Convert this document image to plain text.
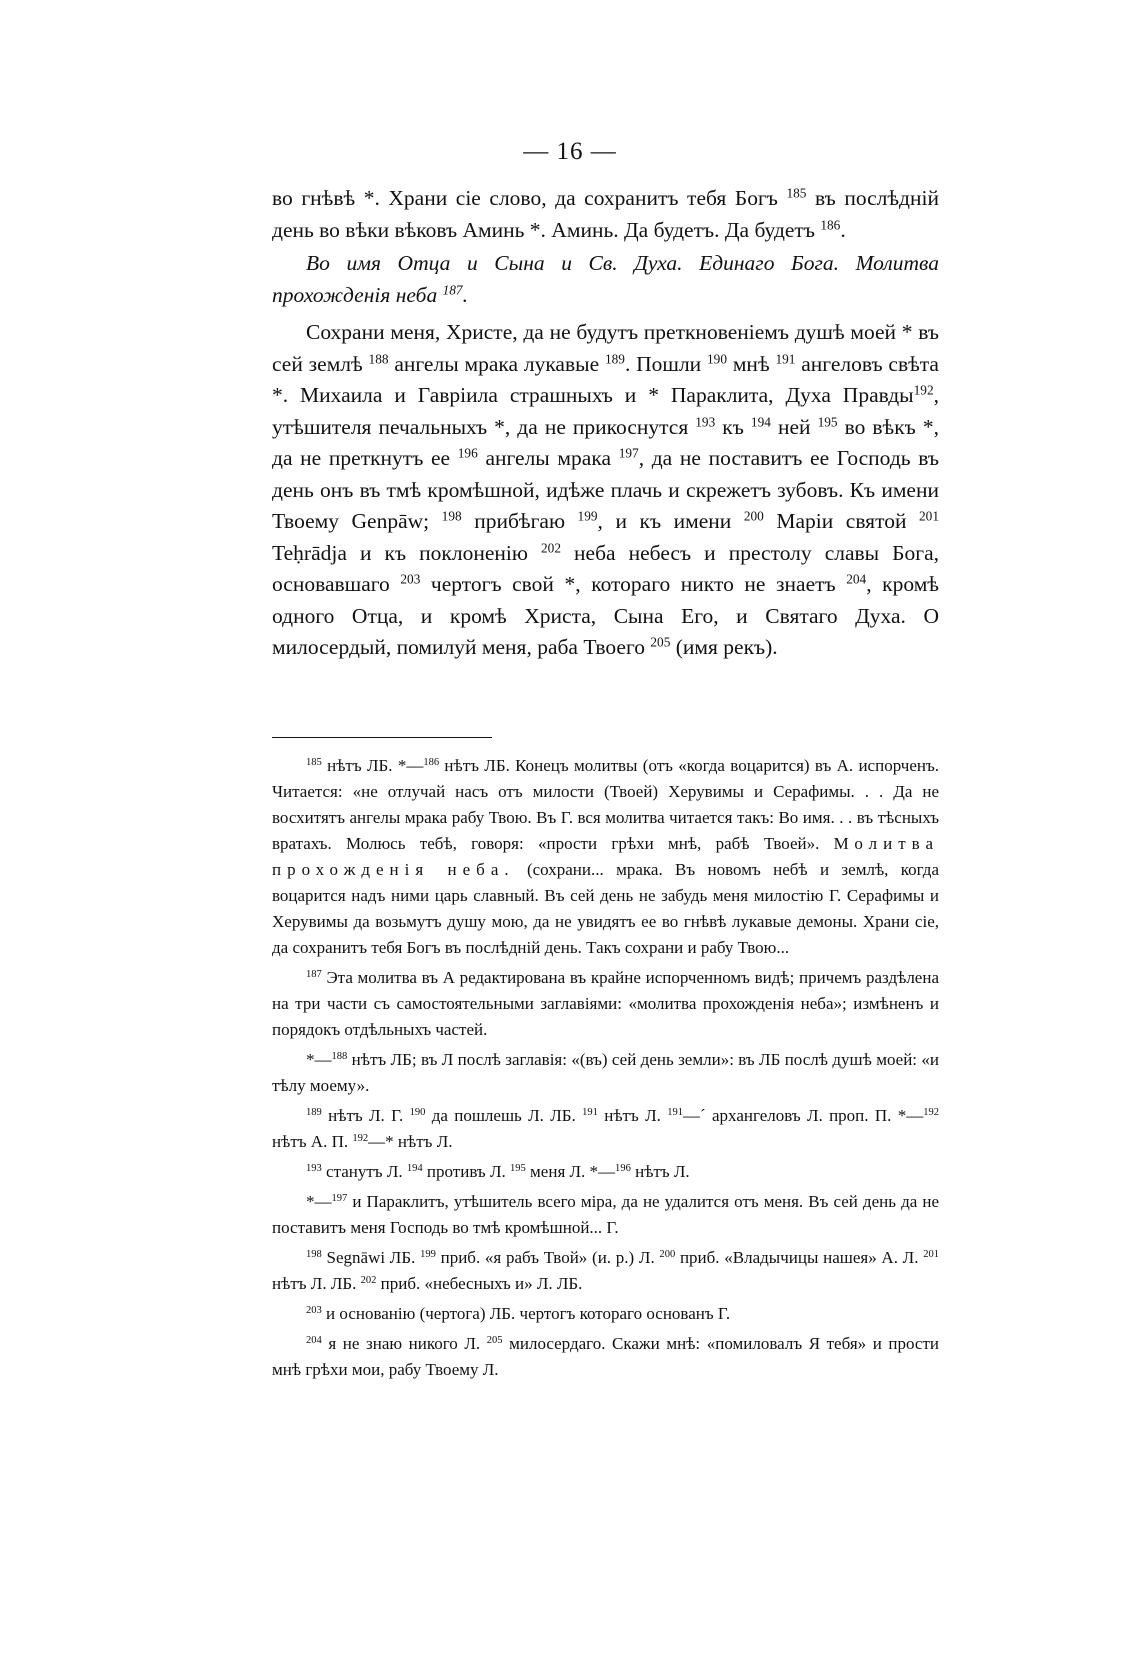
— 16 —

во гнѣвѣ *. Храни сіе слово, да сохранитъ тебя Богъ $^{185}$ въ послѣдній день во вѣки вѣковъ Аминь *. Аминь. Да будетъ. Да будетъ $^{186}$.

Во имя Отца и Сына и Св. Духа. Единаго Бога. Молитва прохожденія неба $^{187}$.

Сохрани меня, Христе, да не будутъ преткновеніемъ душѣ моей * въ сей землѣ $^{188}$ ангелы мрака лукавые $^{189}$. Пошли $^{190}$ мнѣ $^{191}$ ангеловъ свѣта *. Михаила и Гавріила страшныхъ и * Параклита, Духа Правды$^{192}$, утѣшителя печальныхъ *, да не прикоснутся $^{193}$ къ $^{194}$ ней $^{195}$ во вѣкъ *, да не преткнутъ ее $^{196}$ ангелы мрака $^{197}$, да не поставитъ ее Господь въ день онъ въ тмѣ кромѣшной, идѣже плачь и скрежетъ зубовъ. Къ имени Твоему Genpāw; $^{198}$ прибѣгаю $^{199}$, и къ имени $^{200}$ Маріи святой $^{201}$ Teḥrādja и къ поклоненію $^{202}$ неба небесъ и престолу славы Бога, основавшаго $^{203}$ чертогъ свой *, котораго никто не знаетъ $^{204}$, кромѣ одного Отца, и кромѣ Христа, Сына Его, и Святаго Духа. О милосердый, помилуй меня, раба Твоего $^{205}$ (имя рекъ).

$^{185}$ нѣтъ ЛБ. *—$^{186}$ нѣтъ ЛБ. Конецъ молитвы (отъ «когда воцарится) въ А. испорченъ. Читается: «не отлучай насъ отъ милости (Твоей) Херувимы и Серафимы. . . Да не восхитятъ ангелы мрака рабу Твою. Въ Г. вся молитва читается такъ: Во имя. . . въ тѣсныхъ вратахъ. Молюсь тебѣ, говоря: «прости грѣхи мнѣ, рабѣ Твоей». Молитва прохожденія неба. (сохрани... мрака. Въ новомъ небѣ и землѣ, когда воцарится надъ ними царь славный. Въ сей день не забудь меня милостію Г. Серафимы и Херувимы да возьмутъ душу мою, да не увидятъ ее во гнѣвѣ лукавые демоны. Храни сіе, да сохранитъ тебя Богъ въ послѣдній день. Такъ сохрани и рабу Твою...

$^{187}$ Эта молитва въ А редактирована въ крайне испорченномъ видѣ; причемъ раздѣлена на три части съ самостоятельными заглавіями: «молитва прохожденія неба»; измѣненъ и порядокъ отдѣльныхъ частей.

*—$^{188}$ нѣтъ ЛБ; въ Л послѣ заглавія: «(въ) сей день земли»: въ ЛБ послѣ душѣ моей: «и тѣлу моему».

$^{189}$ нѣтъ Л. Г. $^{190}$ да пошлешь Л. ЛБ. $^{191}$ нѣтъ Л. $^{191}$—´ архангеловъ Л. проп. П. *—$^{192}$ нѣтъ А. П. $^{192}$—* нѣтъ Л.

$^{193}$ станутъ Л. $^{194}$ противъ Л. $^{195}$ меня Л. *—$^{196}$ нѣтъ Л.

*—$^{197}$ и Параклитъ, утѣшитель всего міра, да не удалится отъ меня. Въ сей день да не поставитъ меня Господь во тмѣ кромѣшной... Г.

$^{198}$ Segnāwi ЛБ. $^{199}$ приб. «я рабъ Твой» (и. р.) Л. $^{200}$ приб. «Владычицы нашея» А. Л. $^{201}$ нѣтъ Л. ЛБ. $^{202}$ приб. «небесныхъ и» Л. ЛБ.

$^{203}$ и основанію (чертога) ЛБ. чертогъ котораго основанъ Г.

$^{204}$ я не знаю никого Л. $^{205}$ милосердаго. Скажи мнѣ: «помиловалъ Я тебя» и прости мнѣ грѣхи мои, рабу Твоему Л.
